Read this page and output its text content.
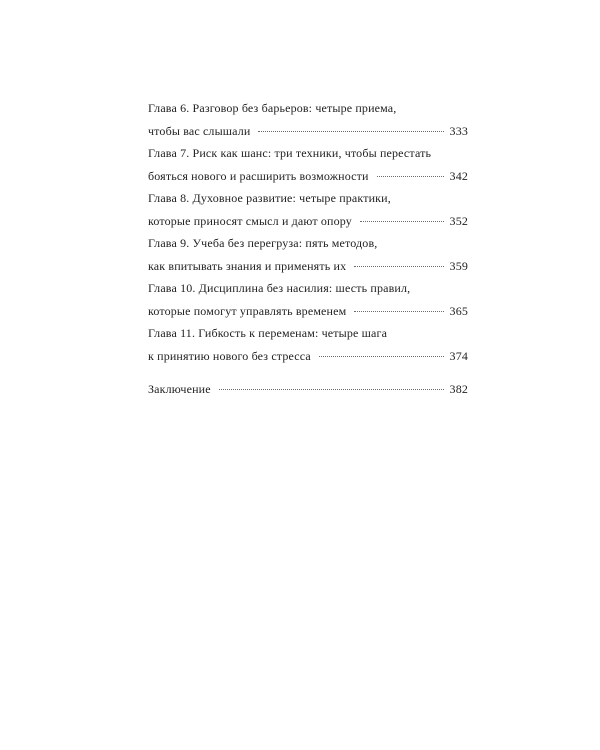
Глава 6. Разговор без барьеров: четыре приема,
чтобы вас слышали	333
Глава 7. Риск как шанс: три техники, чтобы перестать
бояться нового и расширить возможности	342
Глава 8. Духовное развитие: четыре практики,
которые приносят смысл и дают опору	352
Глава 9. Учеба без перегруза: пять методов,
как впитывать знания и применять их	359
Глава 10. Дисциплина без насилия: шесть правил,
которые помогут управлять временем	365
Глава 11. Гибкость к переменам: четыре шага
к принятию нового без стресса	374
Заключение	382
